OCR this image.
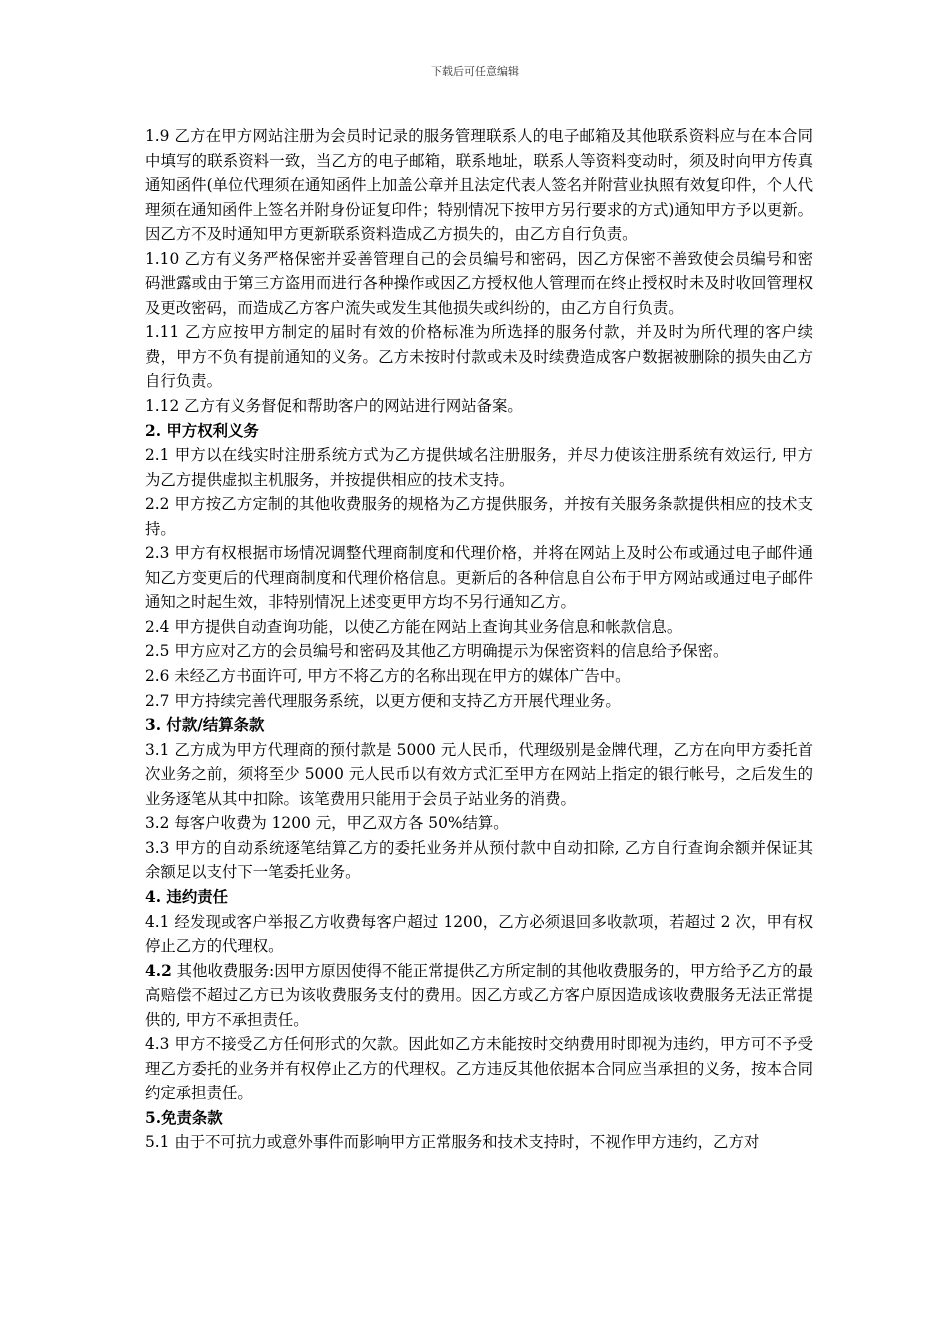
下载后可任意编辑

1.9 乙方在甲方网站注册为会员时记录的服务管理联系人的电子邮箱及其他联系资料应与在本合同中填写的联系资料一致，当乙方的电子邮箱，联系地址，联系人等资料变动时，须及时向甲方传真通知函件(单位代理须在通知函件上加盖公章并且法定代表人签名并附营业执照有效复印件，个人代理须在通知函件上签名并附身份证复印件；特别情况下按甲方另行要求的方式)通知甲方予以更新。因乙方不及时通知甲方更新联系资料造成乙方损失的，由乙方自行负责。

1.10 乙方有义务严格保密并妥善管理自己的会员编号和密码，因乙方保密不善致使会员编号和密码泄露或由于第三方盗用而进行各种操作或因乙方授权他人管理而在终止授权时未及时收回管理权及更改密码，而造成乙方客户流失或发生其他损失或纠纷的，由乙方自行负责。

1.11 乙方应按甲方制定的届时有效的价格标准为所选择的服务付款，并及时为所代理的客户续费，甲方不负有提前通知的义务。乙方未按时付款或未及时续费造成客户数据被删除的损失由乙方自行负责。

1.12 乙方有义务督促和帮助客户的网站进行网站备案。

2. 甲方权利义务

2.1 甲方以在线实时注册系统方式为乙方提供域名注册服务，并尽力使该注册系统有效运行, 甲方为乙方提供虚拟主机服务，并按提供相应的技术支持。

2.2 甲方按乙方定制的其他收费服务的规格为乙方提供服务，并按有关服务条款提供相应的技术支持。

2.3 甲方有权根据市场情况调整代理商制度和代理价格，并将在网站上及时公布或通过电子邮件通知乙方变更后的代理商制度和代理价格信息。更新后的各种信息自公布于甲方网站或通过电子邮件通知之时起生效，非特别情况上述变更甲方均不另行通知乙方。

2.4 甲方提供自动查询功能，以使乙方能在网站上查询其业务信息和帐款信息。

2.5 甲方应对乙方的会员编号和密码及其他乙方明确提示为保密资料的信息给予保密。

2.6 未经乙方书面许可, 甲方不将乙方的名称出现在甲方的媒体广告中。

2.7 甲方持续完善代理服务系统，以更方便和支持乙方开展代理业务。

3. 付款/结算条款

3.1 乙方成为甲方代理商的预付款是 5000 元人民币，代理级别是金牌代理，乙方在向甲方委托首次业务之前，须将至少 5000 元人民币以有效方式汇至甲方在网站上指定的银行帐号，之后发生的业务逐笔从其中扣除。该笔费用只能用于会员子站业务的消费。

3.2 每客户收费为 1200 元，甲乙双方各 50%结算。

3.3 甲方的自动系统逐笔结算乙方的委托业务并从预付款中自动扣除, 乙方自行查询余额并保证其余额足以支付下一笔委托业务。

4. 违约责任

4.1 经发现或客户举报乙方收费每客户超过 1200，乙方必须退回多收款项，若超过 2 次，甲有权停止乙方的代理权。

4.2 其他收费服务:因甲方原因使得不能正常提供乙方所定制的其他收费服务的，甲方给予乙方的最高赔偿不超过乙方已为该收费服务支付的费用。因乙方或乙方客户原因造成该收费服务无法正常提供的, 甲方不承担责任。

4.3 甲方不接受乙方任何形式的欠款。因此如乙方未能按时交纳费用时即视为违约，甲方可不予受理乙方委托的业务并有权停止乙方的代理权。乙方违反其他依据本合同应当承担的义务，按本合同约定承担责任。

5.免责条款

5.1 由于不可抗力或意外事件而影响甲方正常服务和技术支持时，不视作甲方违约，乙方对
